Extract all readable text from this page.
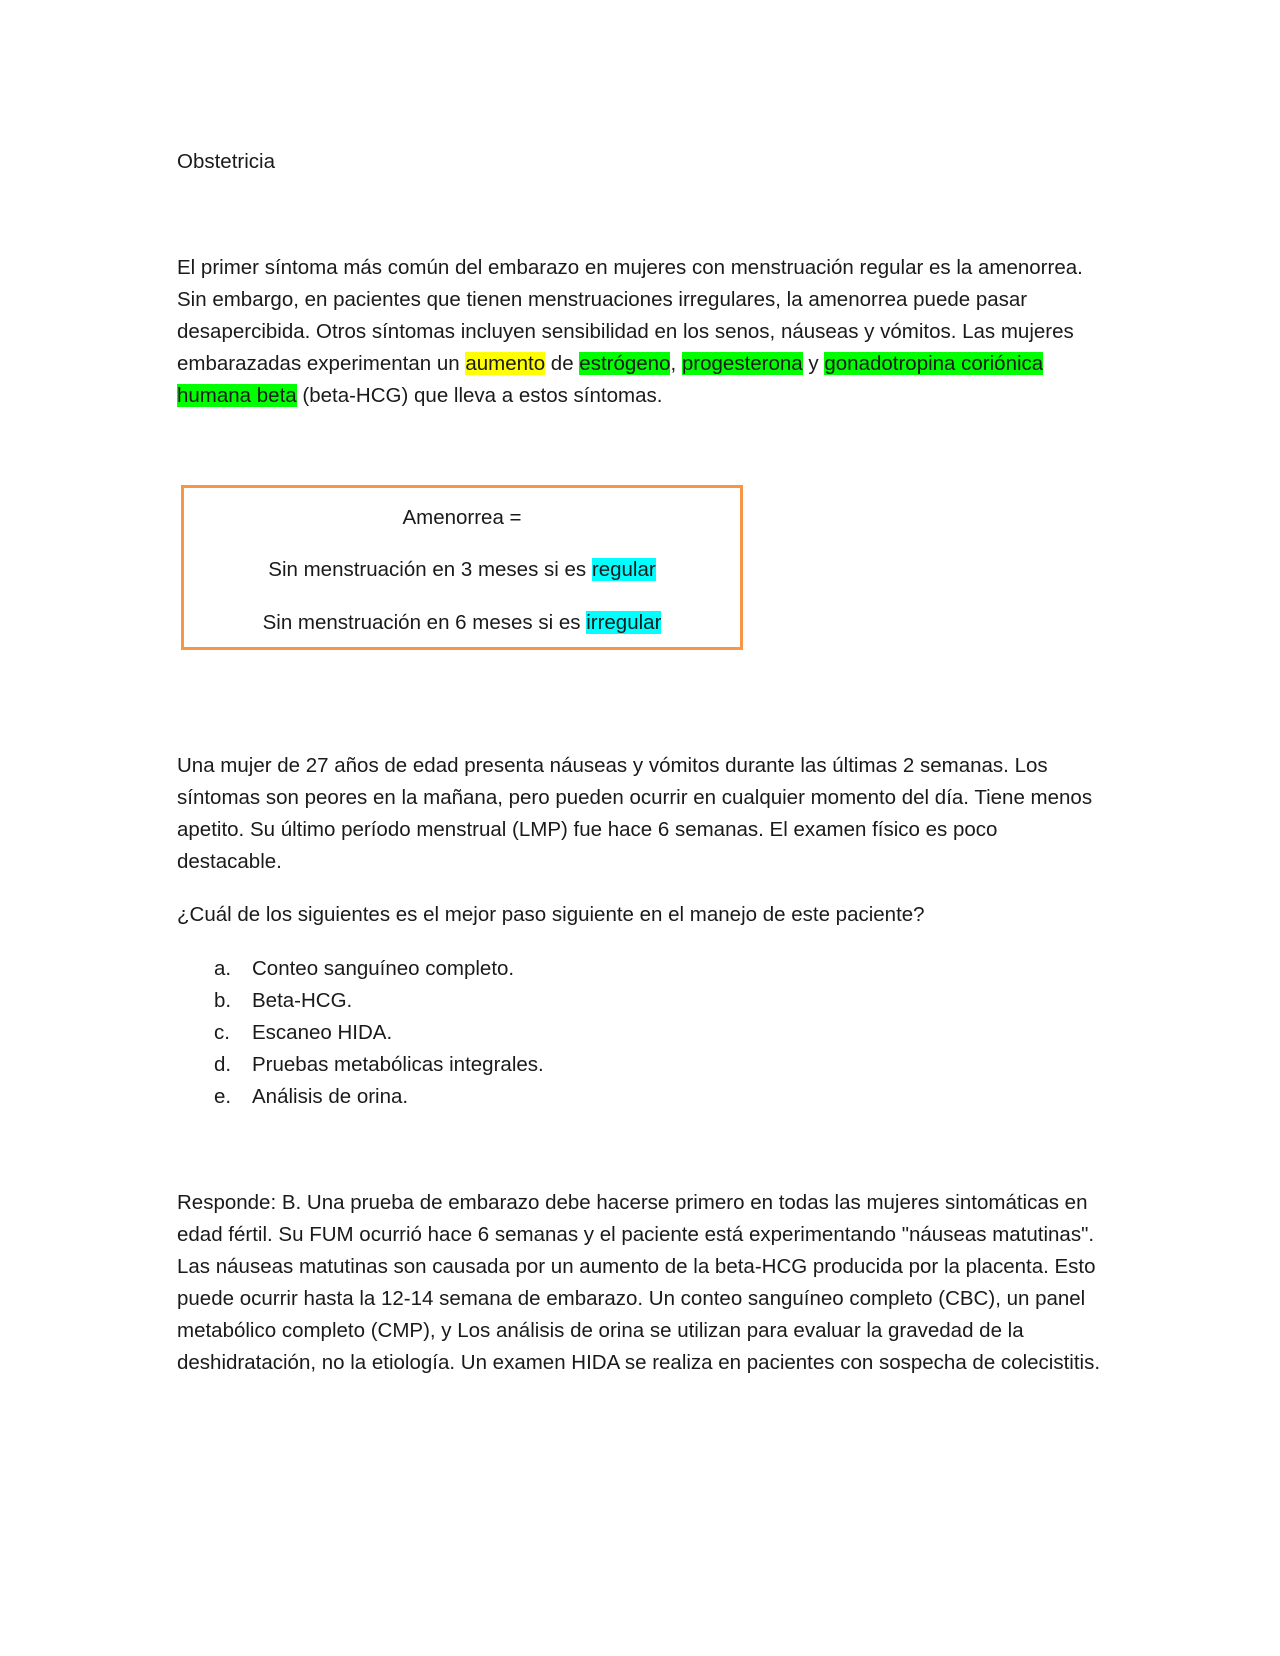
Obstetricia
El primer síntoma más común del embarazo en mujeres con menstruación regular es la amenorrea. Sin embargo, en pacientes que tienen menstruaciones irregulares, la amenorrea puede pasar desapercibida. Otros síntomas incluyen sensibilidad en los senos, náuseas y vómitos. Las mujeres embarazadas experimentan un aumento de estrógeno, progesterona y gonadotropina coriónica humana beta (beta-HCG) que lleva a estos síntomas.
Amenorrea =
Sin menstruación en 3 meses si es regular
Sin menstruación en 6 meses si es irregular
Una mujer de 27 años de edad presenta náuseas y vómitos durante las últimas 2 semanas. Los síntomas son peores en la mañana, pero pueden ocurrir en cualquier momento del día. Tiene menos apetito. Su último período menstrual (LMP) fue hace 6 semanas. El examen físico es poco destacable.
¿Cuál de los siguientes es el mejor paso siguiente en el manejo de este paciente?
a.	Conteo sanguíneo completo.
b.	Beta-HCG.
c.	Escaneo HIDA.
d.	Pruebas metabólicas integrales.
e.	Análisis de orina.
Responde: B. Una prueba de embarazo debe hacerse primero en todas las mujeres sintomáticas en edad fértil. Su FUM ocurrió hace 6 semanas y el paciente está experimentando "náuseas matutinas". Las náuseas matutinas son causada por un aumento de la beta-HCG producida por la placenta. Esto puede ocurrir hasta la 12-14 semana de embarazo. Un conteo sanguíneo completo (CBC), un panel metabólico completo (CMP), y Los análisis de orina se utilizan para evaluar la gravedad de la deshidratación, no la etiología. Un examen HIDA se realiza en pacientes con sospecha de colecistitis.
